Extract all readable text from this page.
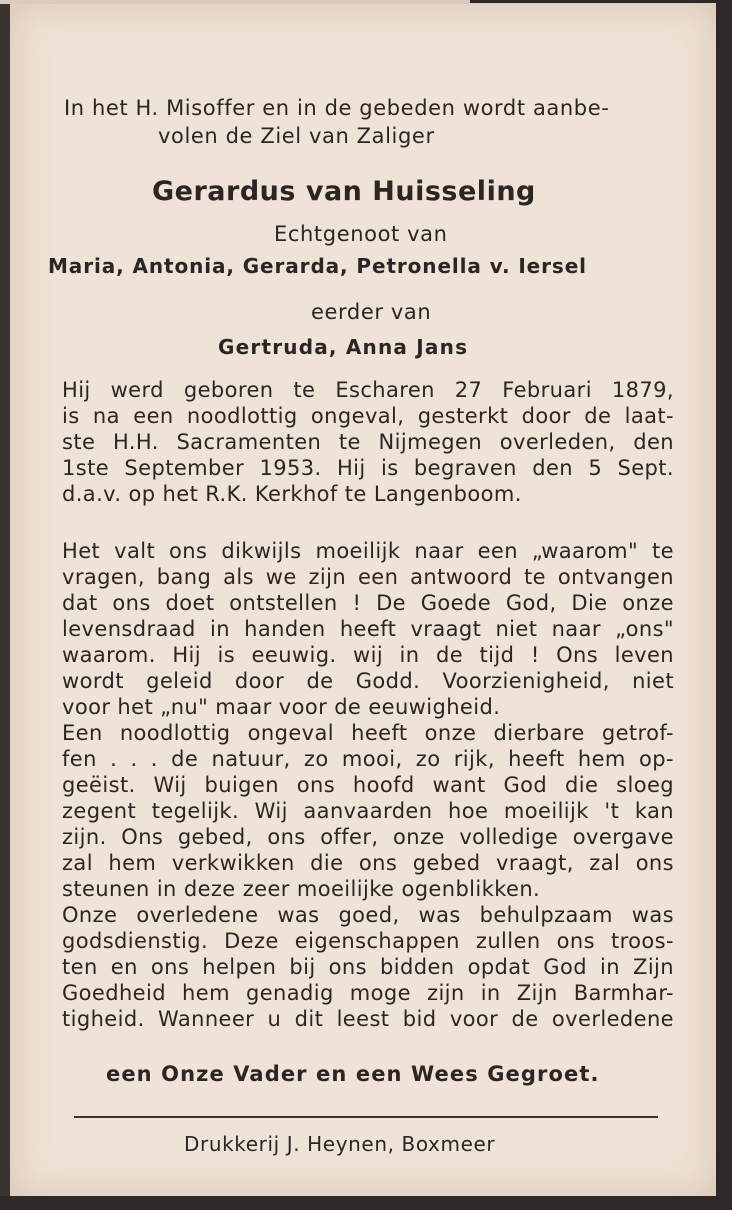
In het H. Misoffer en in de gebeden wordt aanbe-
volen de Ziel van Zaliger
Gerardus van Huisseling
Echtgenoot van
Maria, Antonia, Gerarda, Petronella v. Iersel
eerder van
Gertruda, Anna Jans
Hij werd geboren te Escharen 27 Februari 1879,
is na een noodlottig ongeval, gesterkt door de laat-
ste H.H. Sacramenten te Nijmegen overleden, den
1ste September 1953. Hij is begraven den 5 Sept.
d.a.v. op het R.K. Kerkhof te Langenboom.
Het valt ons dikwijls moeilijk naar een „waarom" te
vragen, bang als we zijn een antwoord te ontvangen
dat ons doet ontstellen ! De Goede God, Die onze
levensdraad in handen heeft vraagt niet naar „ons"
waarom. Hij is eeuwig. wij in de tijd ! Ons leven
wordt geleid door de Godd. Voorzienigheid, niet
voor het „nu" maar voor de eeuwigheid.
Een noodlottig ongeval heeft onze dierbare getrof-
fen . . . de natuur, zo mooi, zo rijk, heeft hem op-
geëist. Wij buigen ons hoofd want God die sloeg
zegent tegelijk. Wij aanvaarden hoe moeilijk 't kan
zijn. Ons gebed, ons offer, onze volledige overgave
zal hem verkwikken die ons gebed vraagt, zal ons
steunen in deze zeer moeilijke ogenblikken.
Onze overledene was goed, was behulpzaam was
godsdienstig. Deze eigenschappen zullen ons troos-
ten en ons helpen bij ons bidden opdat God in Zijn
Goedheid hem genadig moge zijn in Zijn Barmhar-
tigheid. Wanneer u dit leest bid voor de overledene
een Onze Vader en een Wees Gegroet.
Drukkerij J. Heynen, Boxmeer
